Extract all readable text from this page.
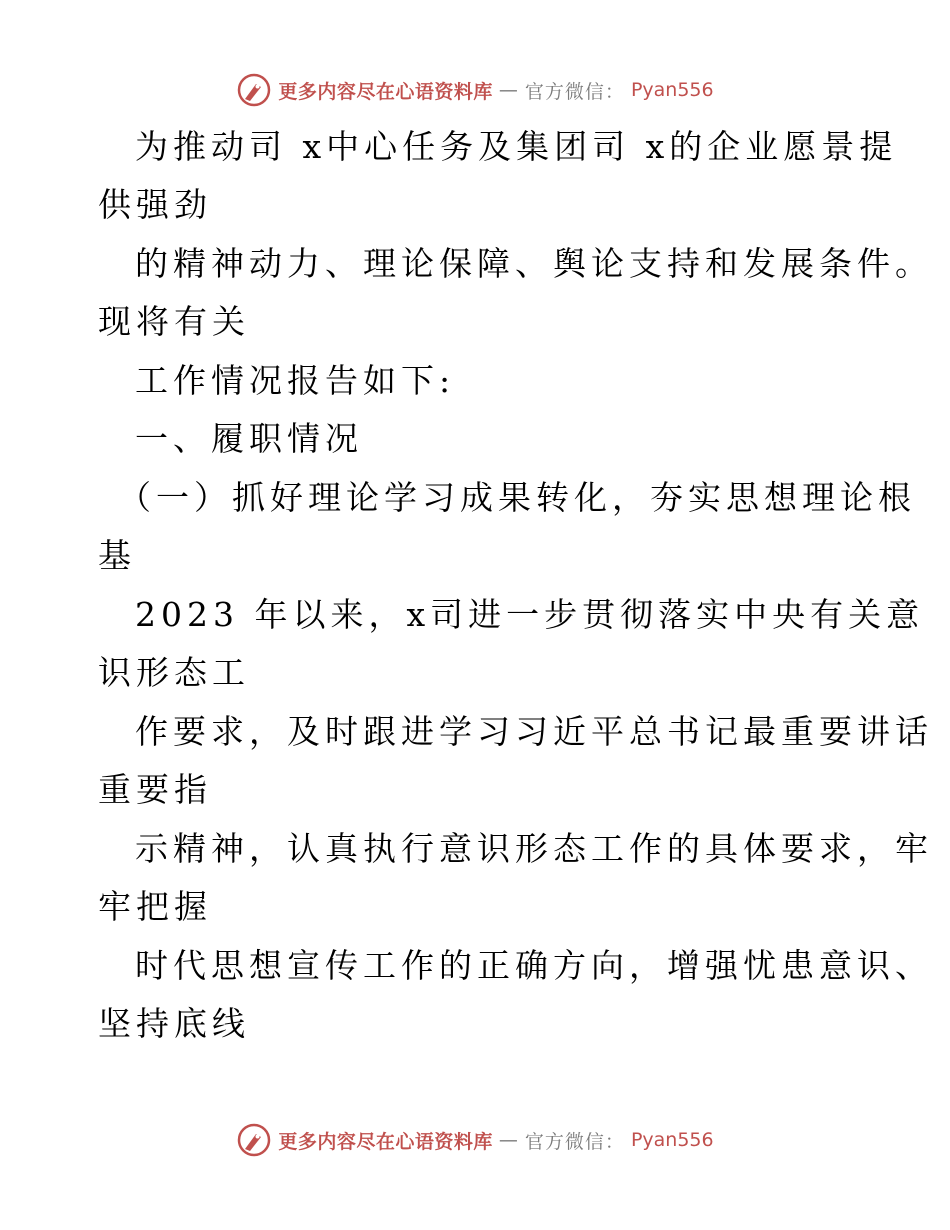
更多内容尽在心语资料库 — 官方微信： Pyan556
为推动司 x中心任务及集团司 x的企业愿景提
供强劲
的精神动力、理论保障、舆论支持和发展条件。
现将有关
工作情况报告如下:
一、履职情况
（一）抓好理论学习成果转化，夯实思想理论根
基
2023 年以来，x司进一步贯彻落实中央有关意
识形态工
作要求，及时跟进学习习近平总书记最重要讲话
重要指
示精神，认真执行意识形态工作的具体要求，牢
牢把握
时代思想宣传工作的正确方向，增强忧患意识、
坚持底线
更多内容尽在心语资料库 — 官方微信： Pyan556
